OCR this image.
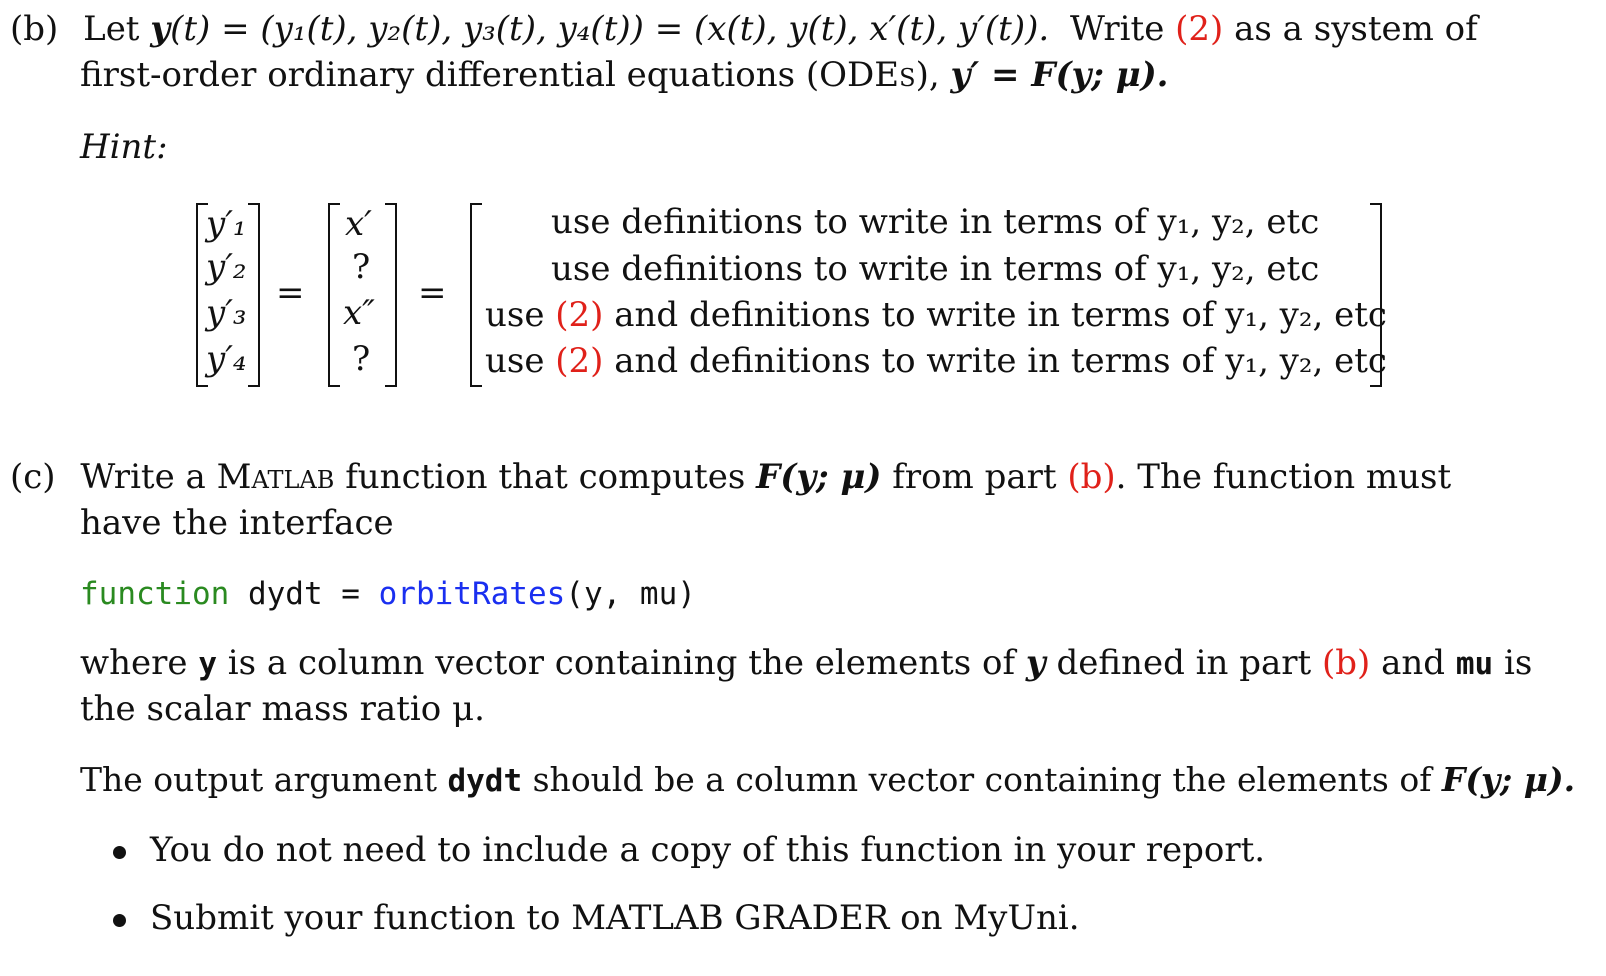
(b) Let y(t) = (y₁(t), y₂(t), y₃(t), y₄(t)) = (x(t), y(t), x′(t), y′(t)). Write (2) as a system of
first-order ordinary differential equations (ODEs), y′ = F(y; μ).
Hint:
y′₁
y′₂
y′₃
y′₄
=
x′
?
x″
?
=
use definitions to write in terms of y₁, y₂, etc
use definitions to write in terms of y₁, y₂, etc
use (2) and definitions to write in terms of y₁, y₂, etc
use (2) and definitions to write in terms of y₁, y₂, etc
(c) Write a Matlab function that computes F(y; μ) from part (b). The function must
have the interface
function dydt = orbitRates(y, mu)
where y is a column vector containing the elements of y defined in part (b) and mu is
the scalar mass ratio μ.
The output argument dydt should be a column vector containing the elements of F(y; μ).
You do not need to include a copy of this function in your report.
Submit your function to MATLAB GRADER on MyUni.
